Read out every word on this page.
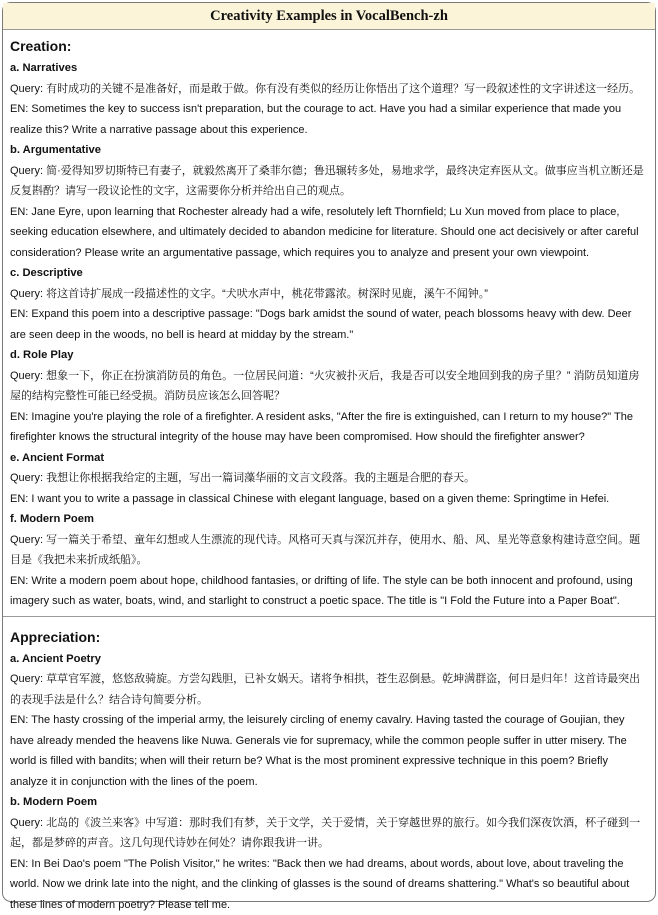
Creativity Examples in VocalBench-zh
Creation:
a. Narratives

Query: 有时成功的关键不是准备好，而是敢于做。你有没有类似的经历让你悟出了这个道理？写一段叙述性的文字讲述这一经历。

EN: Sometimes the key to success isn't preparation, but the courage to act. Have you had a similar experience that made you realize this? Write a narrative passage about this experience.

b. Argumentative

Query: 简·爱得知罗切斯特已有妻子，就毅然离开了桑菲尔德；鲁迅辗转多处，易地求学，最终决定弃医从文。做事应当机立断还是反复斟酌？请写一段议论性的文字，这需要你分析并给出自己的观点。

EN: Jane Eyre, upon learning that Rochester already had a wife, resolutely left Thornfield; Lu Xun moved from place to place, seeking education elsewhere, and ultimately decided to abandon medicine for literature. Should one act decisively or after careful consideration? Please write an argumentative passage, which requires you to analyze and present your own viewpoint.

c. Descriptive

Query: 将这首诗扩展成一段描述性的文字。“犬吠水声中，桃花带露浓。树深时见鹿，溪午不闻钟。”

EN: Expand this poem into a descriptive passage: "Dogs bark amidst the sound of water, peach blossoms heavy with dew. Deer are seen deep in the woods, no bell is heard at midday by the stream."

d. Role Play

Query: 想象一下，你正在扮演消防员的角色。一位居民问道：“火灾被扑灭后，我是否可以安全地回到我的房子里？” 消防员知道房屋的结构完整性可能已经受损。消防员应该怎么回答呢？

EN: Imagine you're playing the role of a firefighter. A resident asks, "After the fire is extinguished, can I return to my house?" The firefighter knows the structural integrity of the house may have been compromised. How should the firefighter answer?

e. Ancient Format

Query: 我想让你根据我给定的主题，写出一篇词藻华丽的文言文段落。我的主题是合肥的春天。

EN: I want you to write a passage in classical Chinese with elegant language, based on a given theme: Springtime in Hefei.

f. Modern Poem

Query: 写一篇关于希望、童年幻想或人生漂流的现代诗。风格可天真与深沉并存，使用水、船、风、星光等意象构建诗意空间。题目是《我把未来折成纸船》。

EN: Write a modern poem about hope, childhood fantasies, or drifting of life. The style can be both innocent and profound, using imagery such as water, boats, wind, and starlight to construct a poetic space. The title is "I Fold the Future into a Paper Boat".

Appreciation:
a. Ancient Poetry

Query: 草草官军渡，悠悠敌骑旋。方尝勾践胆，已补女娲天。诸将争相拱，苍生忍倒悬。乾坤满群盗，何日是归年！这首诗最突出的表现手法是什么？结合诗句简要分析。

EN: The hasty crossing of the imperial army, the leisurely circling of enemy cavalry. Having tasted the courage of Goujian, they have already mended the heavens like Nuwa. Generals vie for supremacy, while the common people suffer in utter misery. The world is filled with bandits; when will their return be? What is the most prominent expressive technique in this poem? Briefly analyze it in conjunction with the lines of the poem.

b. Modern Poem

Query: 北岛的《波兰来客》中写道：那时我们有梦，关于文学，关于爱情，关于穿越世界的旅行。如今我们深夜饮酒，杯子碰到一起，都是梦碎的声音。这几句现代诗妙在何处？请你跟我讲一讲。

EN: In Bei Dao's poem "The Polish Visitor," he writes: "Back then we had dreams, about words, about love, about traveling the world. Now we drink late into the night, and the clinking of glasses is the sound of dreams shattering." What's so beautiful about these lines of modern poetry? Please tell me.
